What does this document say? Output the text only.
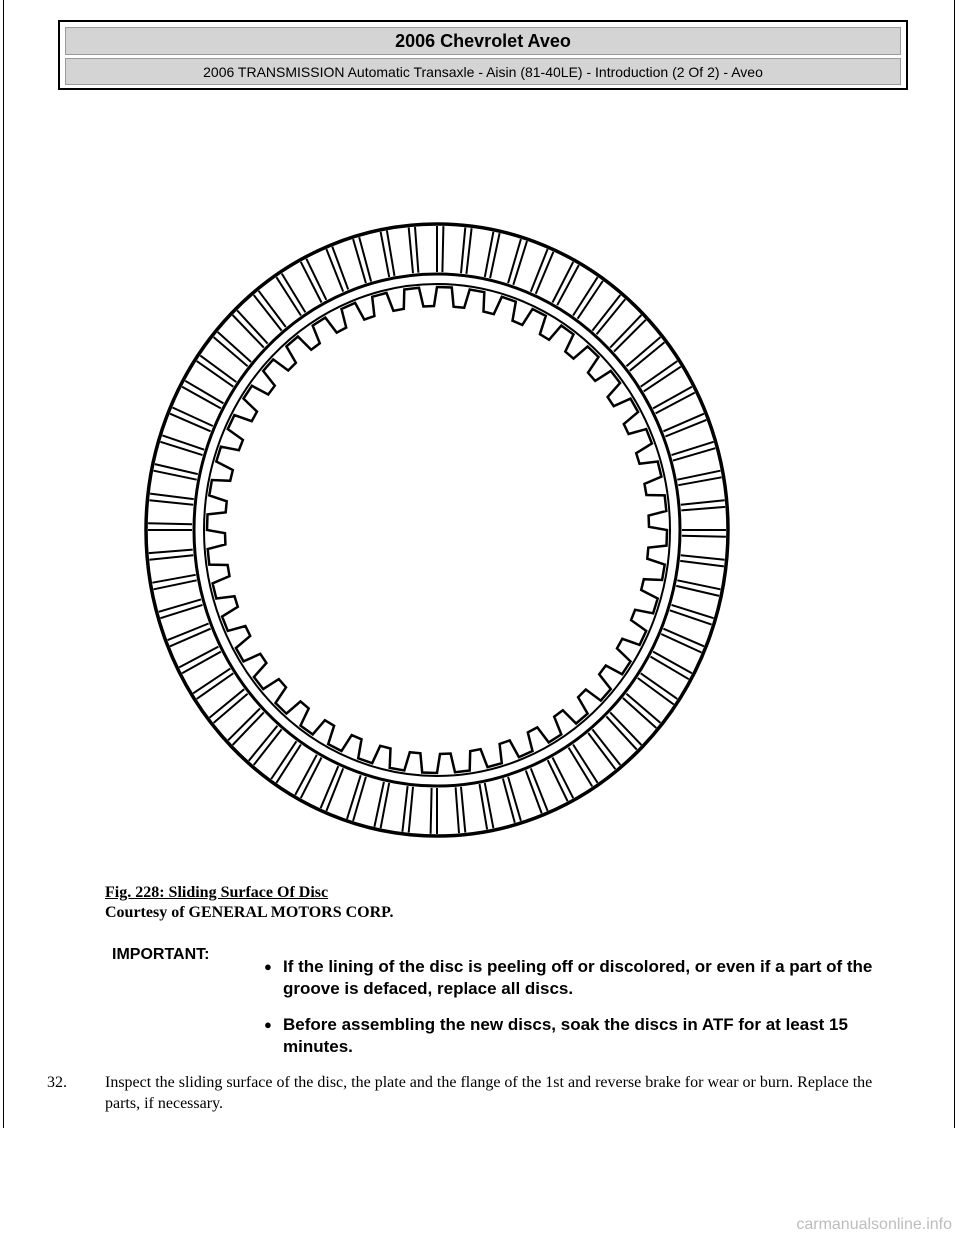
2006 Chevrolet Aveo
2006 TRANSMISSION Automatic Transaxle - Aisin (81-40LE) - Introduction (2 Of 2) - Aveo
Fig. 228: Sliding Surface Of Disc
Courtesy of GENERAL MOTORS CORP.
IMPORTANT:
● If the lining of the disc is peeling off or discolored, or even if a part of the groove is defaced, replace all discs.
● Before assembling the new discs, soak the discs in ATF for at least 15 minutes.
32. Inspect the sliding surface of the disc, the plate and the flange of the 1st and reverse brake for wear or burn. Replace the parts, if necessary.
carmanualsonline.info
